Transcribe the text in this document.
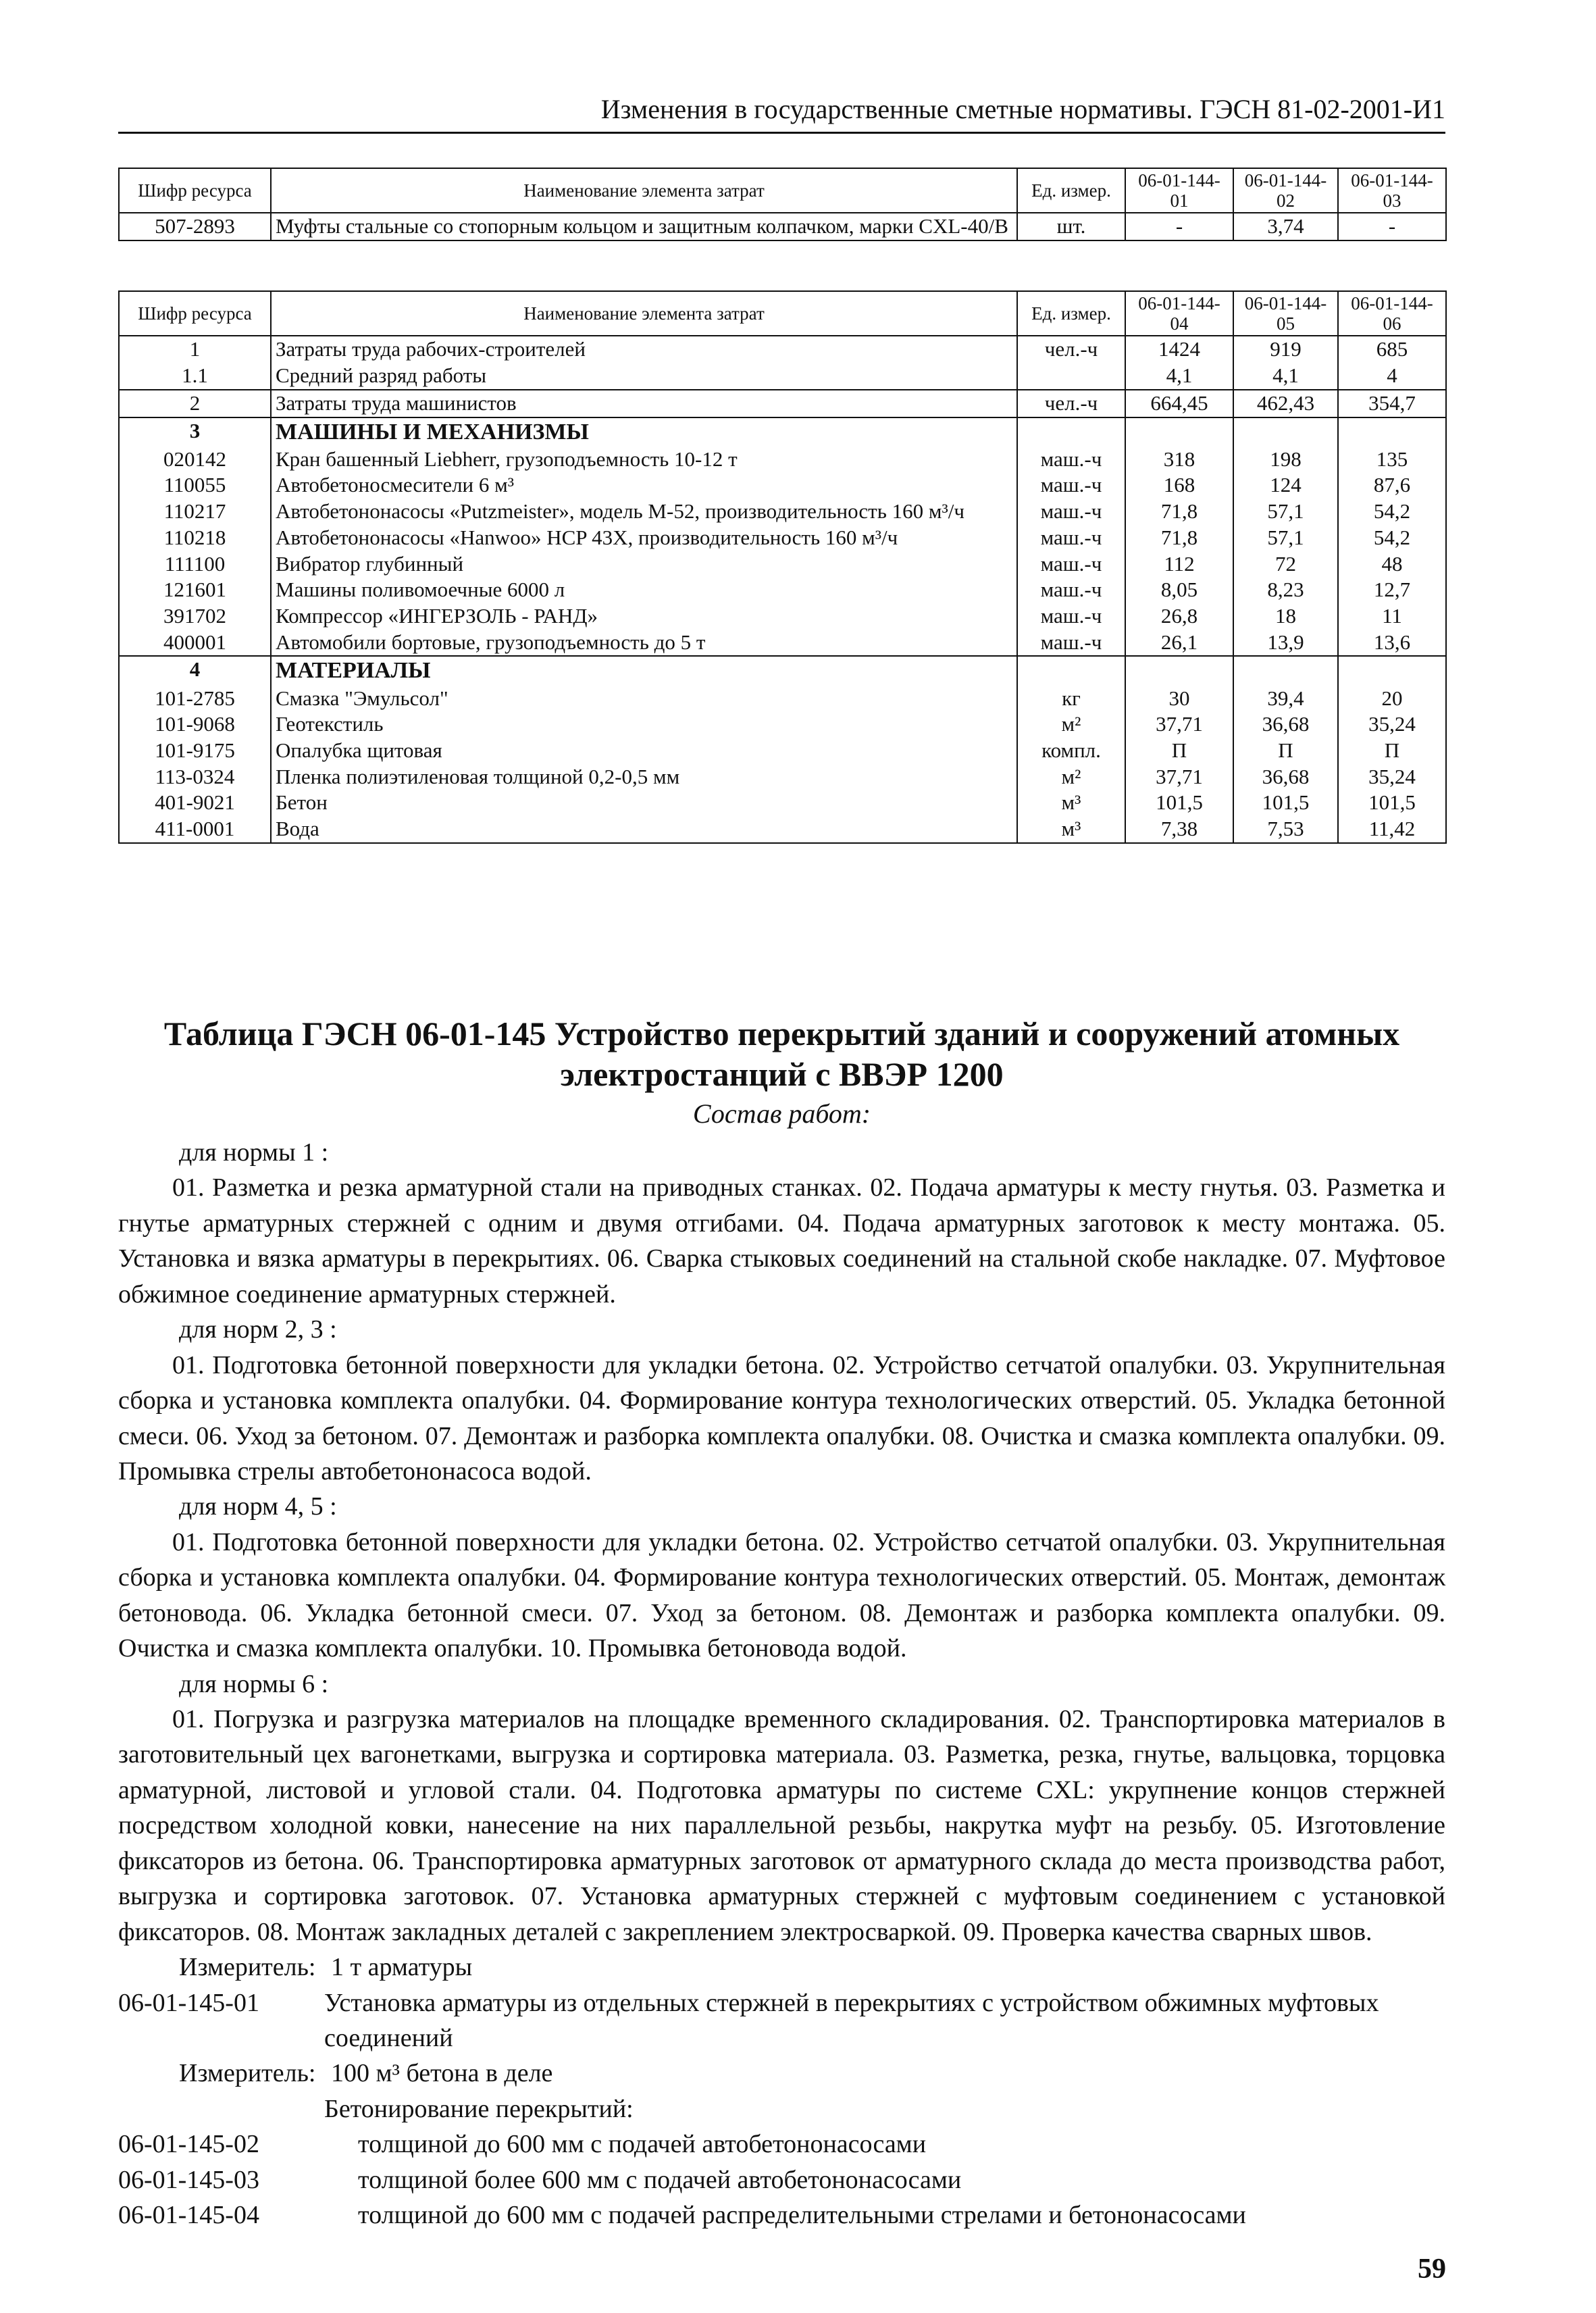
Изменения в государственные сметные нормативы. ГЭСН 81-02-2001-И1
Шифр ресурса	Наименование элемента затрат	Ед. измер.	06-01-144-01	06-01-144-02	06-01-144-03
507-2893	Муфты стальные со стопорным кольцом и защитным колпачком, марки CXL-40/B	шт.	-	3,74	-
Шифр ресурса	Наименование элемента затрат	Ед. измер.	06-01-144-04	06-01-144-05	06-01-144-06
1	Затраты труда рабочих-строителей	чел.-ч	1424	919	685
1.1	Средний разряд работы		4,1	4,1	4
2	Затраты труда машинистов	чел.-ч	664,45	462,43	354,7
3	МАШИНЫ И МЕХАНИЗМЫ				
020142	Кран башенный Liebherr, грузоподъемность 10-12 т	маш.-ч	318	198	135
110055	Автобетоносмесители 6 м³	маш.-ч	168	124	87,6
110217	Автобетононасосы «Putzmeister», модель M-52, производительность 160 м³/ч	маш.-ч	71,8	57,1	54,2
110218	Автобетононасосы «Hanwoo» HCP 43X, производительность 160 м³/ч	маш.-ч	71,8	57,1	54,2
111100	Вибратор глубинный	маш.-ч	112	72	48
121601	Машины поливомоечные 6000 л	маш.-ч	8,05	8,23	12,7
391702	Компрессор «ИНГЕРЗОЛЬ - РАНД»	маш.-ч	26,8	18	11
400001	Автомобили бортовые, грузоподъемность до 5 т	маш.-ч	26,1	13,9	13,6
4	МАТЕРИАЛЫ				
101-2785	Смазка "Эмульсол"	кг	30	39,4	20
101-9068	Геотекстиль	м²	37,71	36,68	35,24
101-9175	Опалубка щитовая	компл.	П	П	П
113-0324	Пленка полиэтиленовая толщиной 0,2-0,5 мм	м²	37,71	36,68	35,24
401-9021	Бетон	м³	101,5	101,5	101,5
411-0001	Вода	м³	7,38	7,53	11,42
Таблица ГЭСН 06-01-145 Устройство перекрытий зданий и сооружений атомных электростанций с ВВЭР 1200
Состав работ:
для нормы 1 :

01. Разметка и резка арматурной стали на приводных станках. 02. Подача арматуры к месту гнутья. 03. Разметка и гнутье арматурных стержней с одним и двумя отгибами. 04. Подача арматурных заготовок к месту монтажа. 05. Установка и вязка арматуры в перекрытиях. 06. Сварка стыковых соединений на стальной скобе накладке. 07. Муфтовое обжимное соединение арматурных стержней.

для норм 2, 3 :

01. Подготовка бетонной поверхности для укладки бетона. 02. Устройство сетчатой опалубки. 03. Укрупнительная сборка и установка комплекта опалубки. 04. Формирование контура технологических отверстий. 05. Укладка бетонной смеси. 06. Уход за бетоном. 07. Демонтаж и разборка комплекта опалубки. 08. Очистка и смазка комплекта опалубки. 09. Промывка стрелы автобетононасоса водой.

для норм 4, 5 :

01. Подготовка бетонной поверхности для укладки бетона. 02. Устройство сетчатой опалубки. 03. Укрупнительная сборка и установка комплекта опалубки. 04. Формирование контура технологических отверстий. 05. Монтаж, демонтаж бетоновода. 06. Укладка бетонной смеси. 07. Уход за бетоном. 08. Демонтаж и разборка комплекта опалубки. 09. Очистка и смазка комплекта опалубки. 10. Промывка бетоновода водой.

для нормы 6 :

01. Погрузка и разгрузка материалов на площадке временного складирования. 02. Транспортировка материалов в заготовительный цех вагонетками, выгрузка и сортировка материала. 03. Разметка, резка, гнутье, вальцовка, торцовка арматурной, листовой и угловой стали. 04. Подготовка арматуры по системе CXL: укрупнение концов стержней посредством холодной ковки, нанесение на них параллельной резьбы, накрутка муфт на резьбу. 05. Изготовление фиксаторов из бетона. 06. Транспортировка арматурных заготовок от арматурного склада до места производства работ, выгрузка и сортировка заготовок. 07. Установка арматурных стержней с муфтовым соединением с установкой фиксаторов. 08. Монтаж закладных деталей с закреплением электросваркой. 09. Проверка качества сварных швов.

Измеритель: 1 т арматуры
06-01-145-01	Установка арматуры из отдельных стержней в перекрытиях с устройством обжимных муфтовых соединений
Измеритель: 100 м³ бетона в деле
Бетонирование перекрытий:
06-01-145-02	толщиной до 600 мм с подачей автобетононасосами
06-01-145-03	толщиной более 600 мм с подачей автобетононасосами
06-01-145-04	толщиной до 600 мм с подачей распределительными стрелами и бетононасосами
59
